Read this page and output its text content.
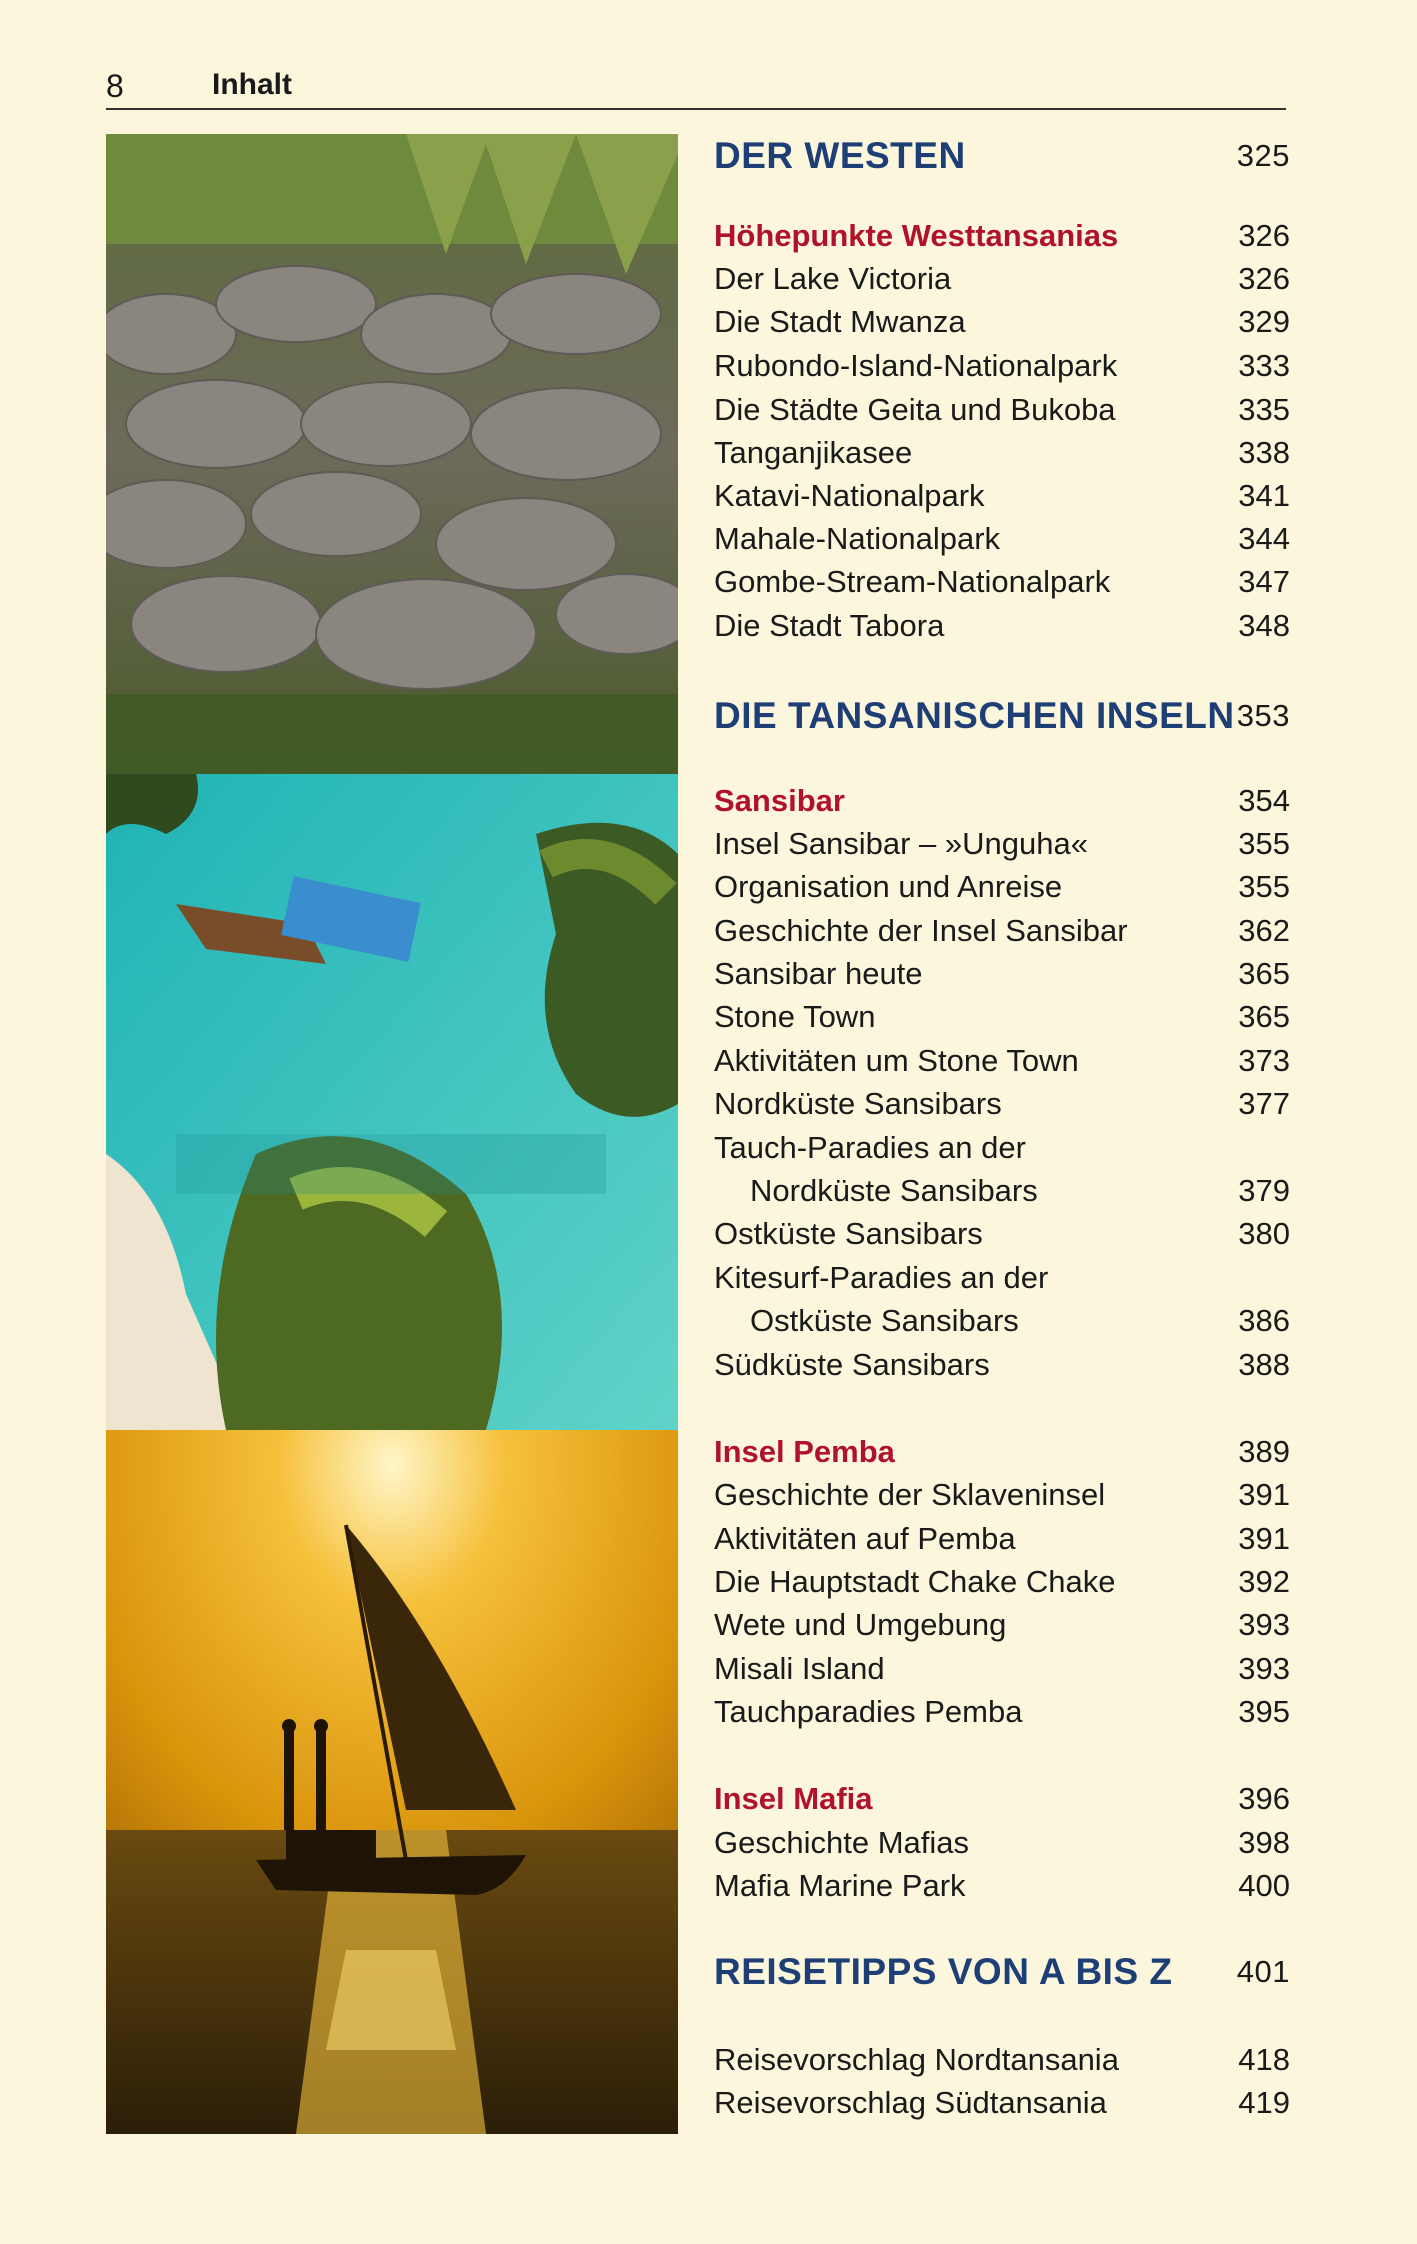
8	Inhalt
DER WESTEN	325
Höhepunkte Westtansanias	326
Der Lake Victoria	326
Die Stadt Mwanza	329
Rubondo-Island-Nationalpark	333
Die Städte Geita und Bukoba	335
Tanganjikasee	338
Katavi-Nationalpark	341
Mahale-Nationalpark	344
Gombe-Stream-Nationalpark	347
Die Stadt Tabora	348
DIE TANSANISCHEN INSELN 353
Sansibar	354
Insel Sansibar – »Unguha«	355
Organisation und Anreise	355
Geschichte der Insel Sansibar	362
Sansibar heute	365
Stone Town	365
Aktivitäten um Stone Town	373
Nordküste Sansibars	377
Tauch-Paradies an der
Nordküste Sansibars	379
Ostküste Sansibars	380
Kitesurf-Paradies an der
Ostküste Sansibars	386
Südküste Sansibars	388
Insel Pemba	389
Geschichte der Sklaveninsel	391
Aktivitäten auf Pemba	391
Die Hauptstadt Chake Chake	392
Wete und Umgebung	393
Misali Island	393
Tauchparadies Pemba	395
Insel Mafia	396
Geschichte Mafias	398
Mafia Marine Park	400
REISETIPPS VON A BIS Z 401
Reisevorschlag Nordtansania	418
Reisevorschlag Südtansania	419
